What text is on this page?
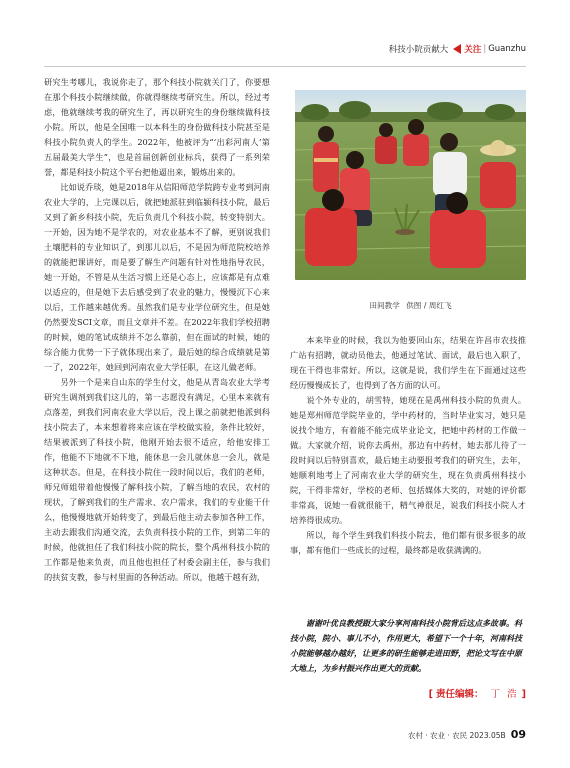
科技小院贡献大 关注 | Guanzhu

研究生考哪儿，我说你走了，那个科技小院就关门了，你要想在那个科技小院继续做，你就得继续考研究生。所以，经过考虑，他就继续考我的研究生了，再以研究生的身份继续做科技小院。所以，他是全国唯一以本科生的身份做科技小院甚至是科技小院负责人的学生。2022年，他被评为“‘出彩河南人’第五届最美大学生”，也是首届创新创业标兵，获得了一系列荣誉，都是科技小院这个平台把他逼出来，锻炼出来的。

比如说乔琰，她是2018年从信阳师范学院跨专业考到河南农业大学的，上完课以后，就把她派驻到临颍科技小院，最后又到了新乡科技小院，先后负责几个科技小院，转变特别大。一开始，因为她不是学农的，对农业基本不了解，更别说我们土壤肥料的专业知识了，到那儿以后，不是因为师范院校培养的就能把课讲好，而是要了解生产问题有针对性地指导农民，她一开始，不管是从生活习惯上还是心态上，应该都是有点难以适应的，但是她下去后感受到了农业的魅力，慢慢沉下心来以后，工作越来越优秀。虽然我们是专业学位研究生，但是她仍然要发SCI文章，而且文章并不差。在2022年我们学校招聘的时候，她的笔试成绩并不怎么靠前，但在面试的时候，她的综合能力优势一下子就体现出来了，最后她的综合成绩就是第一了，2022年，她回到河南农业大学任职，在这儿做老师。

另外一个是来自山东的学生付文，他是从青岛农业大学考研究生调剂到我们这儿的，第一志愿没有满足，心里本来就有点落差，到我们河南农业大学以后，没上课之前就把他派到科技小院去了，本来想着将来应该在学校做实验，条件比较好，结果被派到了科技小院，他刚开始去很不适应，给他安排工作，他能不下地就不下地，能休息一会儿就休息一会儿，就是这种状态。但是，在科技小院住一段时间以后，我们的老师，师兄师姐带着他慢慢了解科技小院，了解当地的农民，农村的现状，了解到我们的生产需求、农户需求，我们的专业能干什么，他慢慢地就开始转变了，到最后他主动去参加各种工作，主动去跟我们沟通交流，去负责科技小院的工作，到第二年的时候，他就担任了我们科技小院的院长，整个禹州科技小院的工作都是他来负责，而且他也担任了村委会副主任，参与我们的扶贫支教，参与村里面的各种活动。所以，他越干越有劲，

田间教学 供图 / 周红飞

本来毕业的时候，我以为他要回山东，结果在许昌市农技推广站有招聘，就动员他去，他通过笔试、面试，最后也入职了，现在干得也非常好。所以，这就是说，我们学生在下面通过这些经历慢慢成长了，也得到了各方面的认可。

说个外专业的，胡雪特，她现在是禹州科技小院的负责人。她是郑州师范学院毕业的，学中药材的，当时毕业实习，她只是说找个地方，有着能不能完成毕业论文，把她中药材的工作做一做。大家就介绍，说你去禹州，那边有中药材，她去那儿待了一段时间以后特别喜欢，最后她主动要报考我们的研究生，去年，她顺利地考上了河南农业大学的研究生，现在负责禹州科技小院，干得非常好，学校的老师、包括媒体大奖的，对她的评价都非常高，说她一看就很能干，精气神很足，说我们科技小院人才培养得很成功。

所以，每个学生到我们科技小院去，他们都有很多很多的故事，都有他们一些成长的过程，最终都是收获满满的。

谢谢叶优良教授跟大家分享河南科技小院背后这点多故事。科技小院，院小、事儿不小，作用更大，希望下一个十年，河南科技小院能够越办越好，让更多的研生能够走进田野，把论文写在中原大地上，为乡村振兴作出更大的贡献。

[ 责任编辑： 丁 浩 ]
农村 · 农业 · 农民 2023.05B 09
